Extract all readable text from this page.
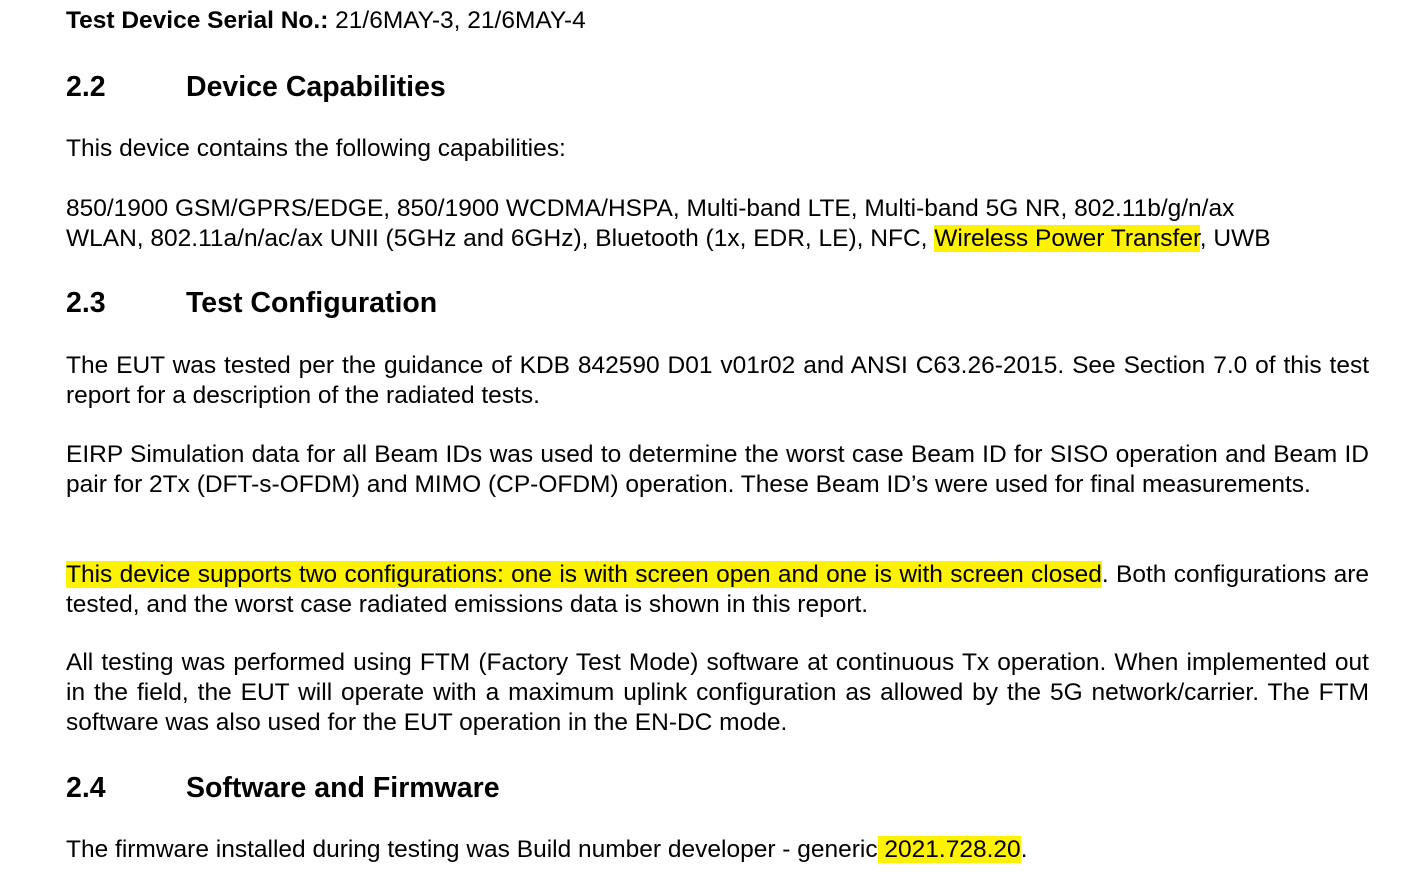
Test Device Serial No.: 21/6MAY-3, 21/6MAY-4

2.2	Device Capabilities

This device contains the following capabilities:

850/1900 GSM/GPRS/EDGE, 850/1900 WCDMA/HSPA, Multi-band LTE, Multi-band 5G NR, 802.11b/g/n/ax

WLAN, 802.11a/n/ac/ax UNII (5GHz and 6GHz), Bluetooth (1x, EDR, LE), NFC, Wireless Power Transfer, UWB

2.3	Test Configuration

The EUT was tested per the guidance of KDB 842590 D01 v01r02 and ANSI C63.26-2015. See Section 7.0 of this test report for a description of the radiated tests.

EIRP Simulation data for all Beam IDs was used to determine the worst case Beam ID for SISO operation and Beam ID pair for 2Tx (DFT-s-OFDM) and MIMO (CP-OFDM) operation. These Beam ID’s were used for final measurements.

This device supports two configurations: one is with screen open and one is with screen closed. Both configurations are tested, and the worst case radiated emissions data is shown in this report.

All testing was performed using FTM (Factory Test Mode) software at continuous Tx operation. When implemented out in the field, the EUT will operate with a maximum uplink configuration as allowed by the 5G network/carrier. The FTM software was also used for the EUT operation in the EN-DC mode.

2.4	Software and Firmware

The firmware installed during testing was Build number developer - generic 2021.728.20.
